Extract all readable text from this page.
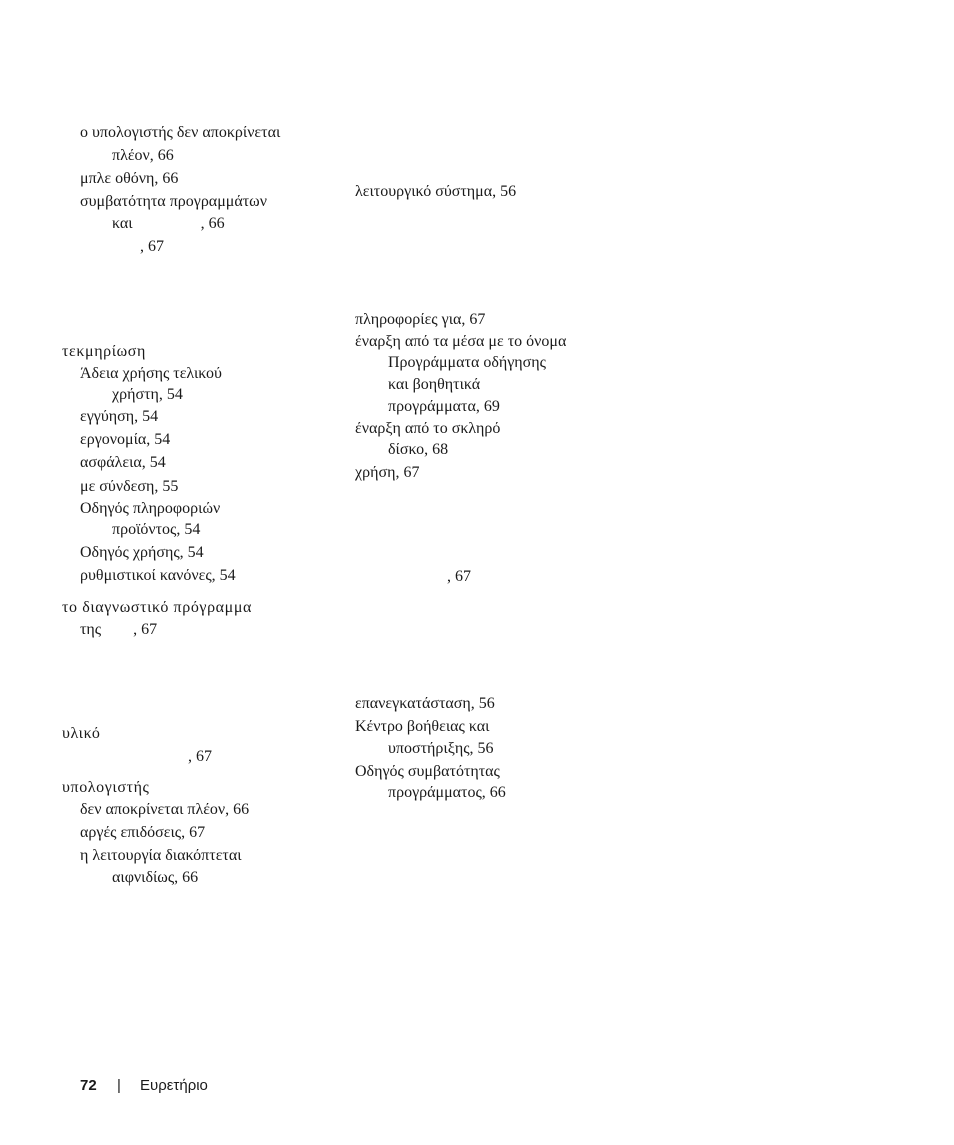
ο υπολογιστής δεν αποκρίνεται
πλέον, 66
μπλε οθόνη, 66
συμβατότητα προγραμμάτων
και                 , 66
, 67
τεκμηρίωση
Άδεια χρήσης τελικού
χρήστη, 54
εγγύηση, 54
εργονομία, 54
ασφάλεια, 54
με σύνδεση, 55
Οδηγός πληροφοριών
προϊόντος, 54
Οδηγός χρήσης, 54
ρυθμιστικοί κανόνες, 54
το διαγνωστικό πρόγραμμα
της        , 67
υλικό
, 67
υπολογιστής
δεν αποκρίνεται πλέον, 66
αργές επιδόσεις, 67
η λειτουργία διακόπτεται
αιφνιδίως, 66
λειτουργικό σύστημα, 56
πληροφορίες για, 67
έναρξη από τα μέσα με το όνομα
Προγράμματα οδήγησης
και βοηθητικά
προγράμματα, 69
έναρξη από το σκληρό
δίσκο, 68
χρήση, 67
, 67
επανεγκατάσταση, 56
Κέντρο βοήθειας και
υποστήριξης, 56
Οδηγός συμβατότητας
προγράμματος, 66
72 | Ευρετήριο
